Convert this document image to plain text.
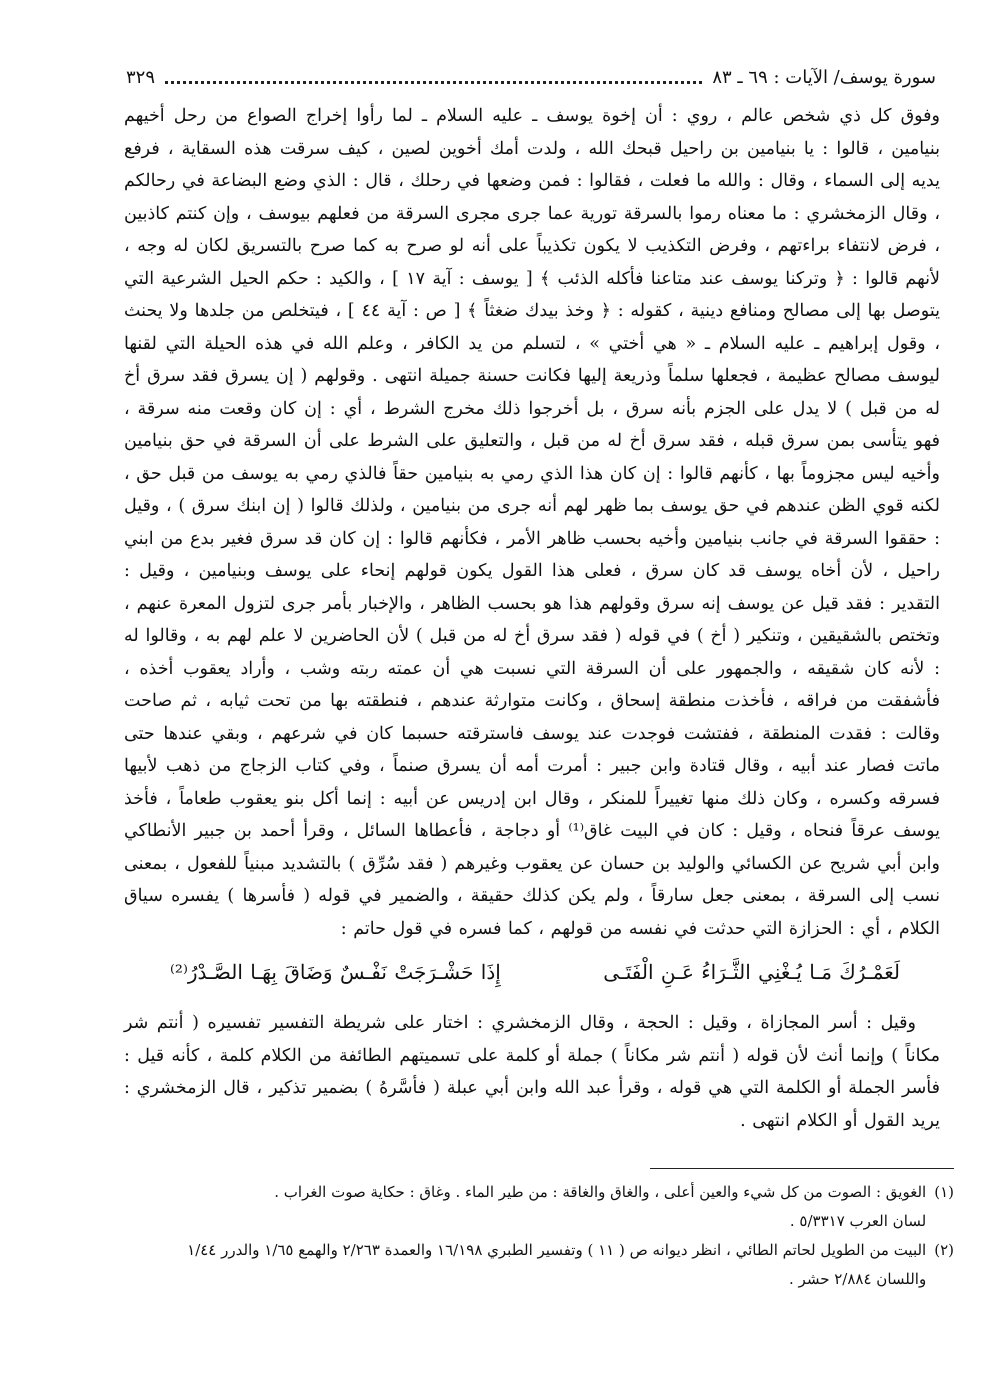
سورة يوسف/ الآيات : ٦٩ ـ ٨٣
٣٢٩

وفوق كل ذي شخص عالم ، روي : أن إخوة يوسف ـ عليه السلام ـ لما رأوا إخراج الصواع من رحل أخيهم بنيامين ، قالوا : يا بنيامين بن راحيل قبحك الله ، ولدت أمك أخوين لصين ، كيف سرقت هذه السقاية ، فرفع يديه إلى السماء ، وقال : والله ما فعلت ، فقالوا : فمن وضعها في رحلك ، قال : الذي وضع البضاعة في رحالكم ، وقال الزمخشري : ما معناه رموا بالسرقة تورية عما جرى مجرى السرقة من فعلهم بيوسف ، وإن كنتم كاذبين ، فرض لانتفاء براءتهم ، وفرض التكذيب لا يكون تكذيباً على أنه لو صرح به كما صرح بالتسريق لكان له وجه ، لأنهم قالوا : ﴿ وتركنا يوسف عند متاعنا فأكله الذئب ﴾ [ يوسف : آية ١٧ ] ، والكيد : حكم الحيل الشرعية التي يتوصل بها إلى مصالح ومنافع دينية ، كقوله : ﴿ وخذ بيدك ضغثاً ﴾ [ ص : آية ٤٤ ] ، فيتخلص من جلدها ولا يحنث ، وقول إبراهيم ـ عليه السلام ـ « هي أختي » ، لتسلم من يد الكافر ، وعلم الله في هذه الحيلة التي لقنها ليوسف مصالح عظيمة ، فجعلها سلماً وذريعة إليها فكانت حسنة جميلة انتهى . وقولهم ( إن يسرق فقد سرق أخ له من قبل ) لا يدل على الجزم بأنه سرق ، بل أخرجوا ذلك مخرج الشرط ، أي : إن كان وقعت منه سرقة ، فهو يتأسى بمن سرق قبله ، فقد سرق أخ له من قبل ، والتعليق على الشرط على أن السرقة في حق بنيامين وأخيه ليس مجزوماً بها ، كأنهم قالوا : إن كان هذا الذي رمي به بنيامين حقاً فالذي رمي به يوسف من قبل حق ، لكنه قوي الظن عندهم في حق يوسف بما ظهر لهم أنه جرى من بنيامين ، ولذلك قالوا ( إن ابنك سرق ) ، وقيل : حققوا السرقة في جانب بنيامين وأخيه بحسب ظاهر الأمر ، فكأنهم قالوا : إن كان قد سرق فغير بدع من ابني راحيل ، لأن أخاه يوسف قد كان سرق ، فعلى هذا القول يكون قولهم إنحاء على يوسف وبنيامين ، وقيل : التقدير : فقد قيل عن يوسف إنه سرق وقولهم هذا هو بحسب الظاهر ، والإخبار بأمر جرى لتزول المعرة عنهم ، وتختص بالشقيقين ، وتنكير ( أخ ) في قوله ( فقد سرق أخ له من قبل ) لأن الحاضرين لا علم لهم به ، وقالوا له : لأنه كان شقيقه ، والجمهور على أن السرقة التي نسبت هي أن عمته ربته وشب ، وأراد يعقوب أخذه ، فأشفقت من فراقه ، فأخذت منطقة إسحاق ، وكانت متوارثة عندهم ، فنطقته بها من تحت ثيابه ، ثم صاحت وقالت : فقدت المنطقة ، ففتشت فوجدت عند يوسف فاسترقته حسبما كان في شرعهم ، وبقي عندها حتى ماتت فصار عند أبيه ، وقال قتادة وابن جبير : أمرت أمه أن يسرق صنماً ، وفي كتاب الزجاج من ذهب لأبيها فسرقه وكسره ، وكان ذلك منها تغييراً للمنكر ، وقال ابن إدريس عن أبيه : إنما أكل بنو يعقوب طعاماً ، فأخذ يوسف عرقاً فنحاه ، وقيل : كان في البيت غاق⁽¹⁾ أو دجاجة ، فأعطاها السائل ، وقرأ أحمد بن جبير الأنطاكي وابن أبي شريح عن الكسائي والوليد بن حسان عن يعقوب وغيرهم ( فقد سُرِّق ) بالتشديد مبنياً للفعول ، بمعنى نسب إلى السرقة ، بمعنى جعل سارقاً ، ولم يكن كذلك حقيقة ، والضمير في قوله ( فأسرها ) يفسره سياق الكلام ، أي : الحزازة التي حدثت في نفسه من قولهم ، كما فسره في قول حاتم :

لَعَمْـرُكَ مَـا يُـغْنِي الثَّـرَاءُ عَـنِ الْفَتَـى
إِذَا حَشْـرَجَتْ نَفْـسٌ وَضَاقَ بِهَـا الصَّـدْرُ⁽²⁾

وقيل : أسر المجازاة ، وقيل : الحجة ، وقال الزمخشري : اختار على شريطة التفسير تفسيره ( أنتم شر مكاناً ) وإنما أنث لأن قوله ( أنتم شر مكاناً ) جملة أو كلمة على تسميتهم الطائفة من الكلام كلمة ، كأنه قيل : فأسر الجملة أو الكلمة التي هي قوله ، وقرأ عبد الله وابن أبي عبلة ( فأسَّرهُ ) بضمير تذكير ، قال الزمخشري : يريد القول أو الكلام انتهى .

(١)
الغويق : الصوت من كل شيء والعين أعلى ، والغاق والغاقة : من طير الماء . وغاق : حكاية صوت الغراب .
لسان العرب ٥/٣٣١٧ .
(٢)
البيت من الطويل لحاتم الطائي ، انظر ديوانه ص ( ١١ ) وتفسير الطبري ١٦/١٩٨ والعمدة ٢/٢٦٣ والهمع ١/٦٥ والدرر ١/٤٤
واللسان ٢/٨٨٤ حشر .
